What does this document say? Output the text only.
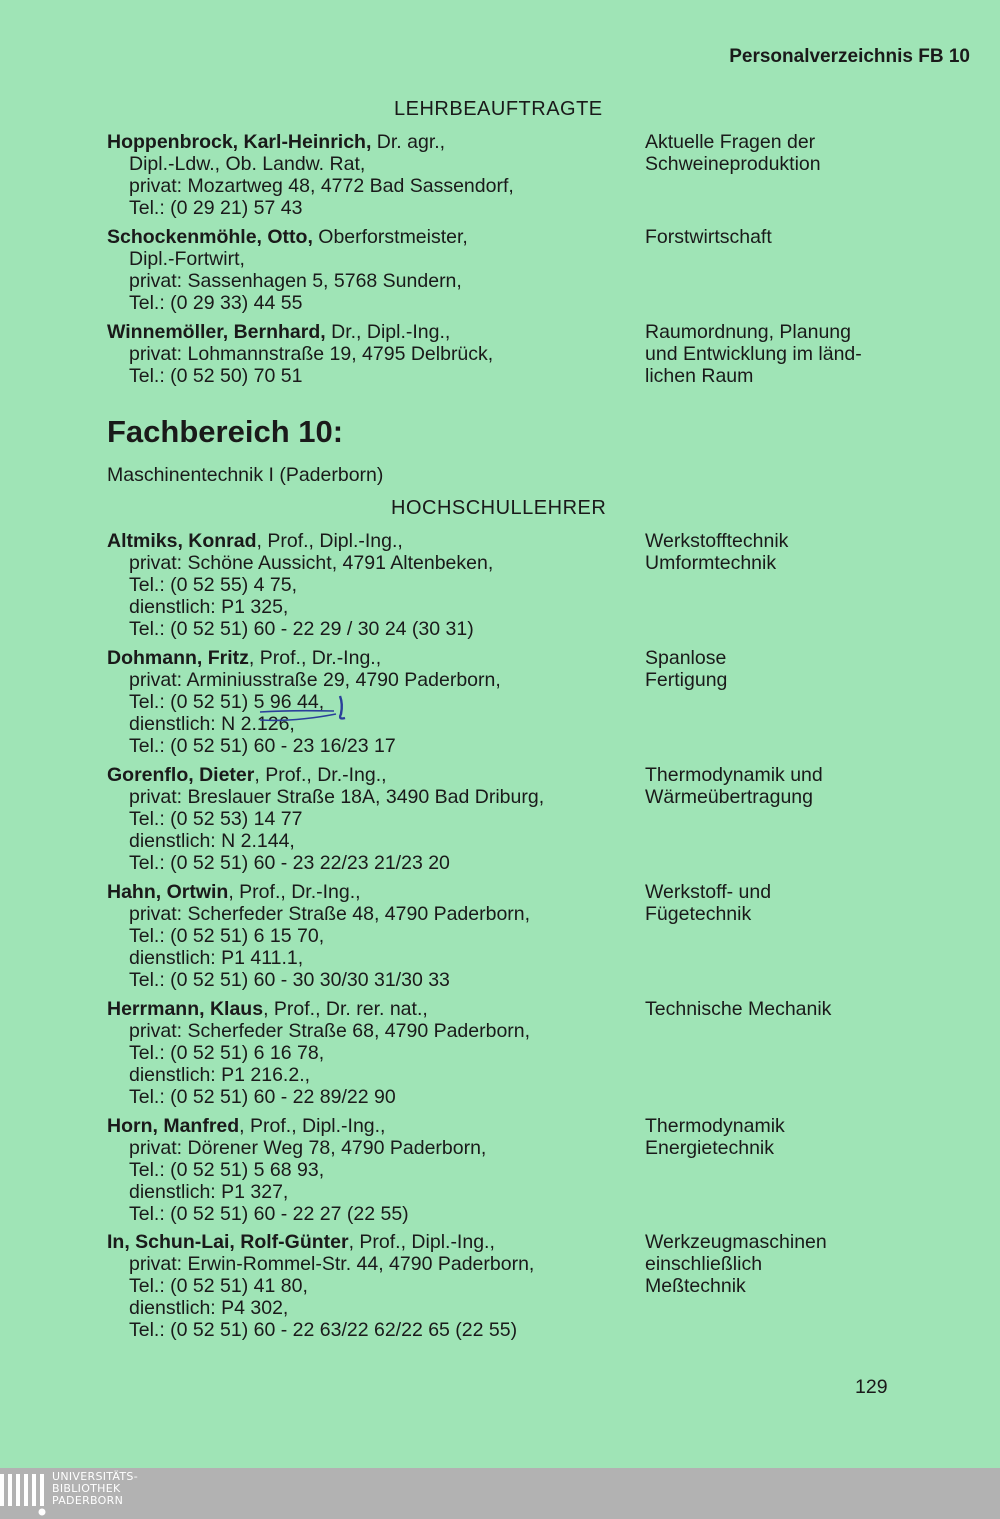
Personalverzeichnis FB 10
LEHRBEAUFTRAGTE
Hoppenbrock, Karl-Heinrich, Dr. agr.,
Dipl.-Ldw., Ob. Landw. Rat,
privat: Mozartweg 48, 4772 Bad Sassendorf,
Tel.: (0 29 21) 57 43
Aktuelle Fragen der
Schweineproduktion
Schockenmöhle, Otto, Oberforstmeister,
Dipl.-Fortwirt,
privat: Sassenhagen 5, 5768 Sundern,
Tel.: (0 29 33) 44 55
Forstwirtschaft
Winnemöller, Bernhard, Dr., Dipl.-Ing.,
privat: Lohmannstraße 19, 4795 Delbrück,
Tel.: (0 52 50) 70 51
Raumordnung, Planung
und Entwicklung im länd-
lichen Raum
Fachbereich 10:
Maschinentechnik I (Paderborn)
HOCHSCHULLEHRER
Altmiks, Konrad, Prof., Dipl.-Ing.,
privat: Schöne Aussicht, 4791 Altenbeken,
Tel.: (0 52 55) 4 75,
dienstlich: P1 325,
Tel.: (0 52 51) 60 - 22 29 / 30 24 (30 31)
Werkstofftechnik
Umformtechnik
Dohmann, Fritz, Prof., Dr.-Ing.,
privat: Arminiusstraße 29, 4790 Paderborn,
Tel.: (0 52 51) 5 96 44,
dienstlich: N 2.126,
Tel.: (0 52 51) 60 - 23 16/23 17
Spanlose
Fertigung
Gorenflo, Dieter, Prof., Dr.-Ing.,
privat: Breslauer Straße 18A, 3490 Bad Driburg,
Tel.: (0 52 53) 14 77
dienstlich: N 2.144,
Tel.: (0 52 51) 60 - 23 22/23 21/23 20
Thermodynamik und
Wärmeübertragung
Hahn, Ortwin, Prof., Dr.-Ing.,
privat: Scherfeder Straße 48, 4790 Paderborn,
Tel.: (0 52 51) 6 15 70,
dienstlich: P1 411.1,
Tel.: (0 52 51) 60 - 30 30/30 31/30 33
Werkstoff- und
Fügetechnik
Herrmann, Klaus, Prof., Dr. rer. nat.,
privat: Scherfeder Straße 68, 4790 Paderborn,
Tel.: (0 52 51) 6 16 78,
dienstlich: P1 216.2.,
Tel.: (0 52 51) 60 - 22 89/22 90
Technische Mechanik
Horn, Manfred, Prof., Dipl.-Ing.,
privat: Dörener Weg 78, 4790 Paderborn,
Tel.: (0 52 51) 5 68 93,
dienstlich: P1 327,
Tel.: (0 52 51) 60 - 22 27 (22 55)
Thermodynamik
Energietechnik
In, Schun-Lai, Rolf-Günter, Prof., Dipl.-Ing.,
privat: Erwin-Rommel-Str. 44, 4790 Paderborn,
Tel.: (0 52 51) 41 80,
dienstlich: P4 302,
Tel.: (0 52 51) 60 - 22 63/22 62/22 65 (22 55)
Werkzeugmaschinen
einschließlich
Meßtechnik
129
UNIVERSITÄTS-
BIBLIOTHEK
PADERBORN
